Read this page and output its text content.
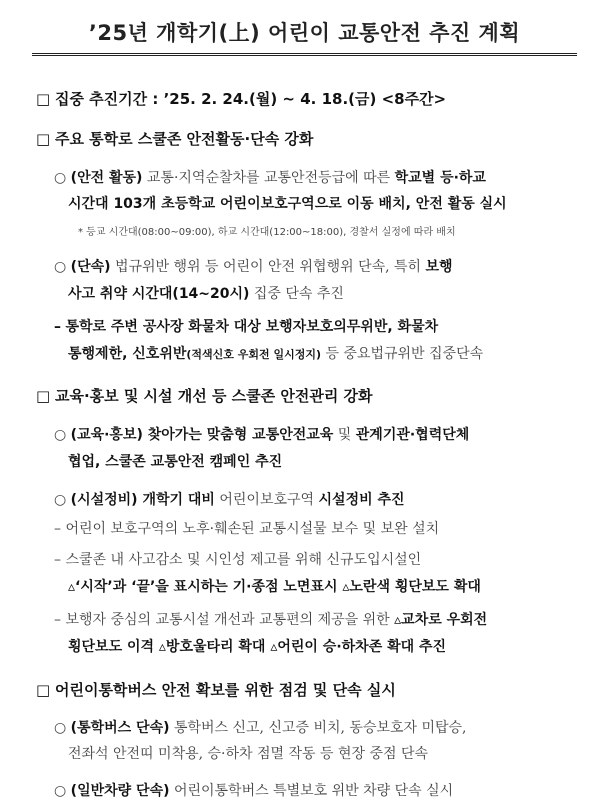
’25년 개학기(上) 어린이 교통안전 추진 계획
□ 집중 추진기간 : ’25. 2. 24.(월) ~ 4. 18.(금) <8주간>
□ 주요 통학로 스쿨존 안전활동·단속 강화
○ (안전 활동) 교통·지역순찰차를 교통안전등급에 따른 학교별 등·하교
시간대 103개 초등학교 어린이보호구역으로 이동 배치, 안전 활동 실시
* 등교 시간대(08:00~09:00), 하교 시간대(12:00~18:00), 경찰서 실정에 따라 배치
○ (단속) 법규위반 행위 등 어린이 안전 위협행위 단속, 특히 보행
사고 취약 시간대(14~20시) 집중 단속 추진
– 통학로 주변 공사장 화물차 대상 보행자보호의무위반, 화물차
통행제한, 신호위반(적색신호 우회전 일시정지) 등 중요법규위반 집중단속
□ 교육·홍보 및 시설 개선 등 스쿨존 안전관리 강화
○ (교육·홍보) 찾아가는 맞춤형 교통안전교육 및 관계기관·협력단체
협업, 스쿨존 교통안전 캠페인 추진
○ (시설정비) 개학기 대비 어린이보호구역 시설정비 추진
– 어린이 보호구역의 노후·훼손된 교통시설물 보수 및 보완 설치
– 스쿨존 내 사고감소 및 시인성 제고를 위해 신규도입시설인
▵‘시작’과 ‘끝’을 표시하는 기·종점 노면표시 ▵노란색 횡단보도 확대
– 보행자 중심의 교통시설 개선과 교통편의 제공을 위한 ▵교차로 우회전
횡단보도 이격 ▵방호울타리 확대 ▵어린이 승·하차존 확대 추진
□ 어린이통학버스 안전 확보를 위한 점검 및 단속 실시
○ (통학버스 단속) 통학버스 신고, 신고증 비치, 동승보호자 미탑승,
전좌석 안전띠 미착용, 승·하차 점멸 작동 등 현장 중점 단속
○ (일반차량 단속) 어린이통학버스 특별보호 위반 차량 단속 실시
